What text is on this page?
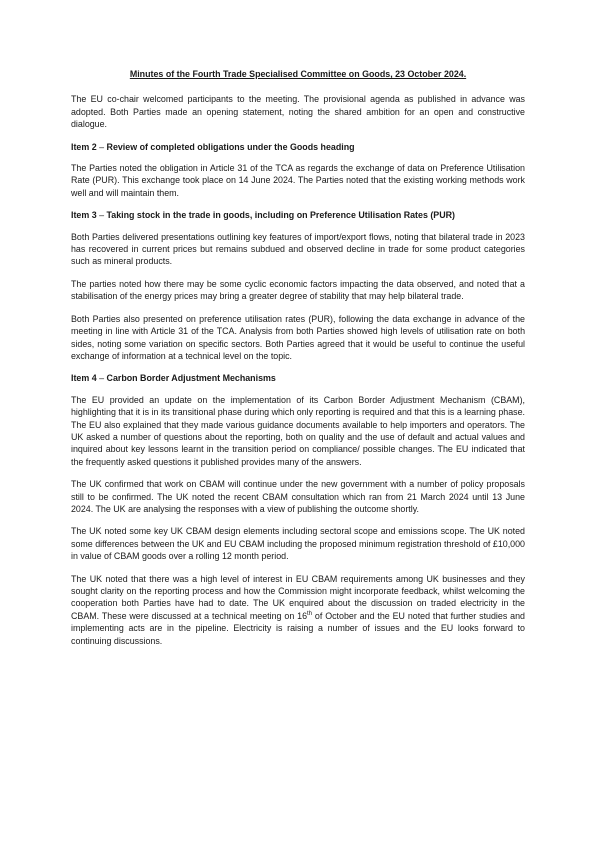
Minutes of the Fourth Trade Specialised Committee on Goods, 23 October 2024.

The EU co-chair welcomed participants to the meeting. The provisional agenda as published in advance was adopted. Both Parties made an opening statement, noting the shared ambition for an open and constructive dialogue.

Item 2 – Review of completed obligations under the Goods heading

The Parties noted the obligation in Article 31 of the TCA as regards the exchange of data on Preference Utilisation Rate (PUR). This exchange took place on 14 June 2024. The Parties noted that the existing working methods work well and will maintain them.

Item 3 – Taking stock in the trade in goods, including on Preference Utilisation Rates (PUR)

Both Parties delivered presentations outlining key features of import/export flows, noting that bilateral trade in 2023 has recovered in current prices but remains subdued and observed decline in trade for some product categories such as mineral products.

The parties noted how there may be some cyclic economic factors impacting the data observed, and noted that a stabilisation of the energy prices may bring a greater degree of stability that may help bilateral trade.

Both Parties also presented on preference utilisation rates (PUR), following the data exchange in advance of the meeting in line with Article 31 of the TCA. Analysis from both Parties showed high levels of utilisation rate on both sides, noting some variation on specific sectors. Both Parties agreed that it would be useful to continue the useful exchange of information at a technical level on the topic.

Item 4 – Carbon Border Adjustment Mechanisms

The EU provided an update on the implementation of its Carbon Border Adjustment Mechanism (CBAM), highlighting that it is in its transitional phase during which only reporting is required and that this is a learning phase. The EU also explained that they made various guidance documents available to help importers and operators. The UK asked a number of questions about the reporting, both on quality and the use of default and actual values and inquired about key lessons learnt in the transition period on compliance/ possible changes. The EU indicated that the frequently asked questions it published provides many of the answers.

The UK confirmed that work on CBAM will continue under the new government with a number of policy proposals still to be confirmed. The UK noted the recent CBAM consultation which ran from 21 March 2024 until 13 June 2024. The UK are analysing the responses with a view of publishing the outcome shortly.

The UK noted some key UK CBAM design elements including sectoral scope and emissions scope. The UK noted some differences between the UK and EU CBAM including the proposed minimum registration threshold of £10,000 in value of CBAM goods over a rolling 12 month period.

The UK noted that there was a high level of interest in EU CBAM requirements among UK businesses and they sought clarity on the reporting process and how the Commission might incorporate feedback, whilst welcoming the cooperation both Parties have had to date. The UK enquired about the discussion on traded electricity in the CBAM. These were discussed at a technical meeting on 16th of October and the EU noted that further studies and implementing acts are in the pipeline. Electricity is raising a number of issues and the EU looks forward to continuing discussions.
